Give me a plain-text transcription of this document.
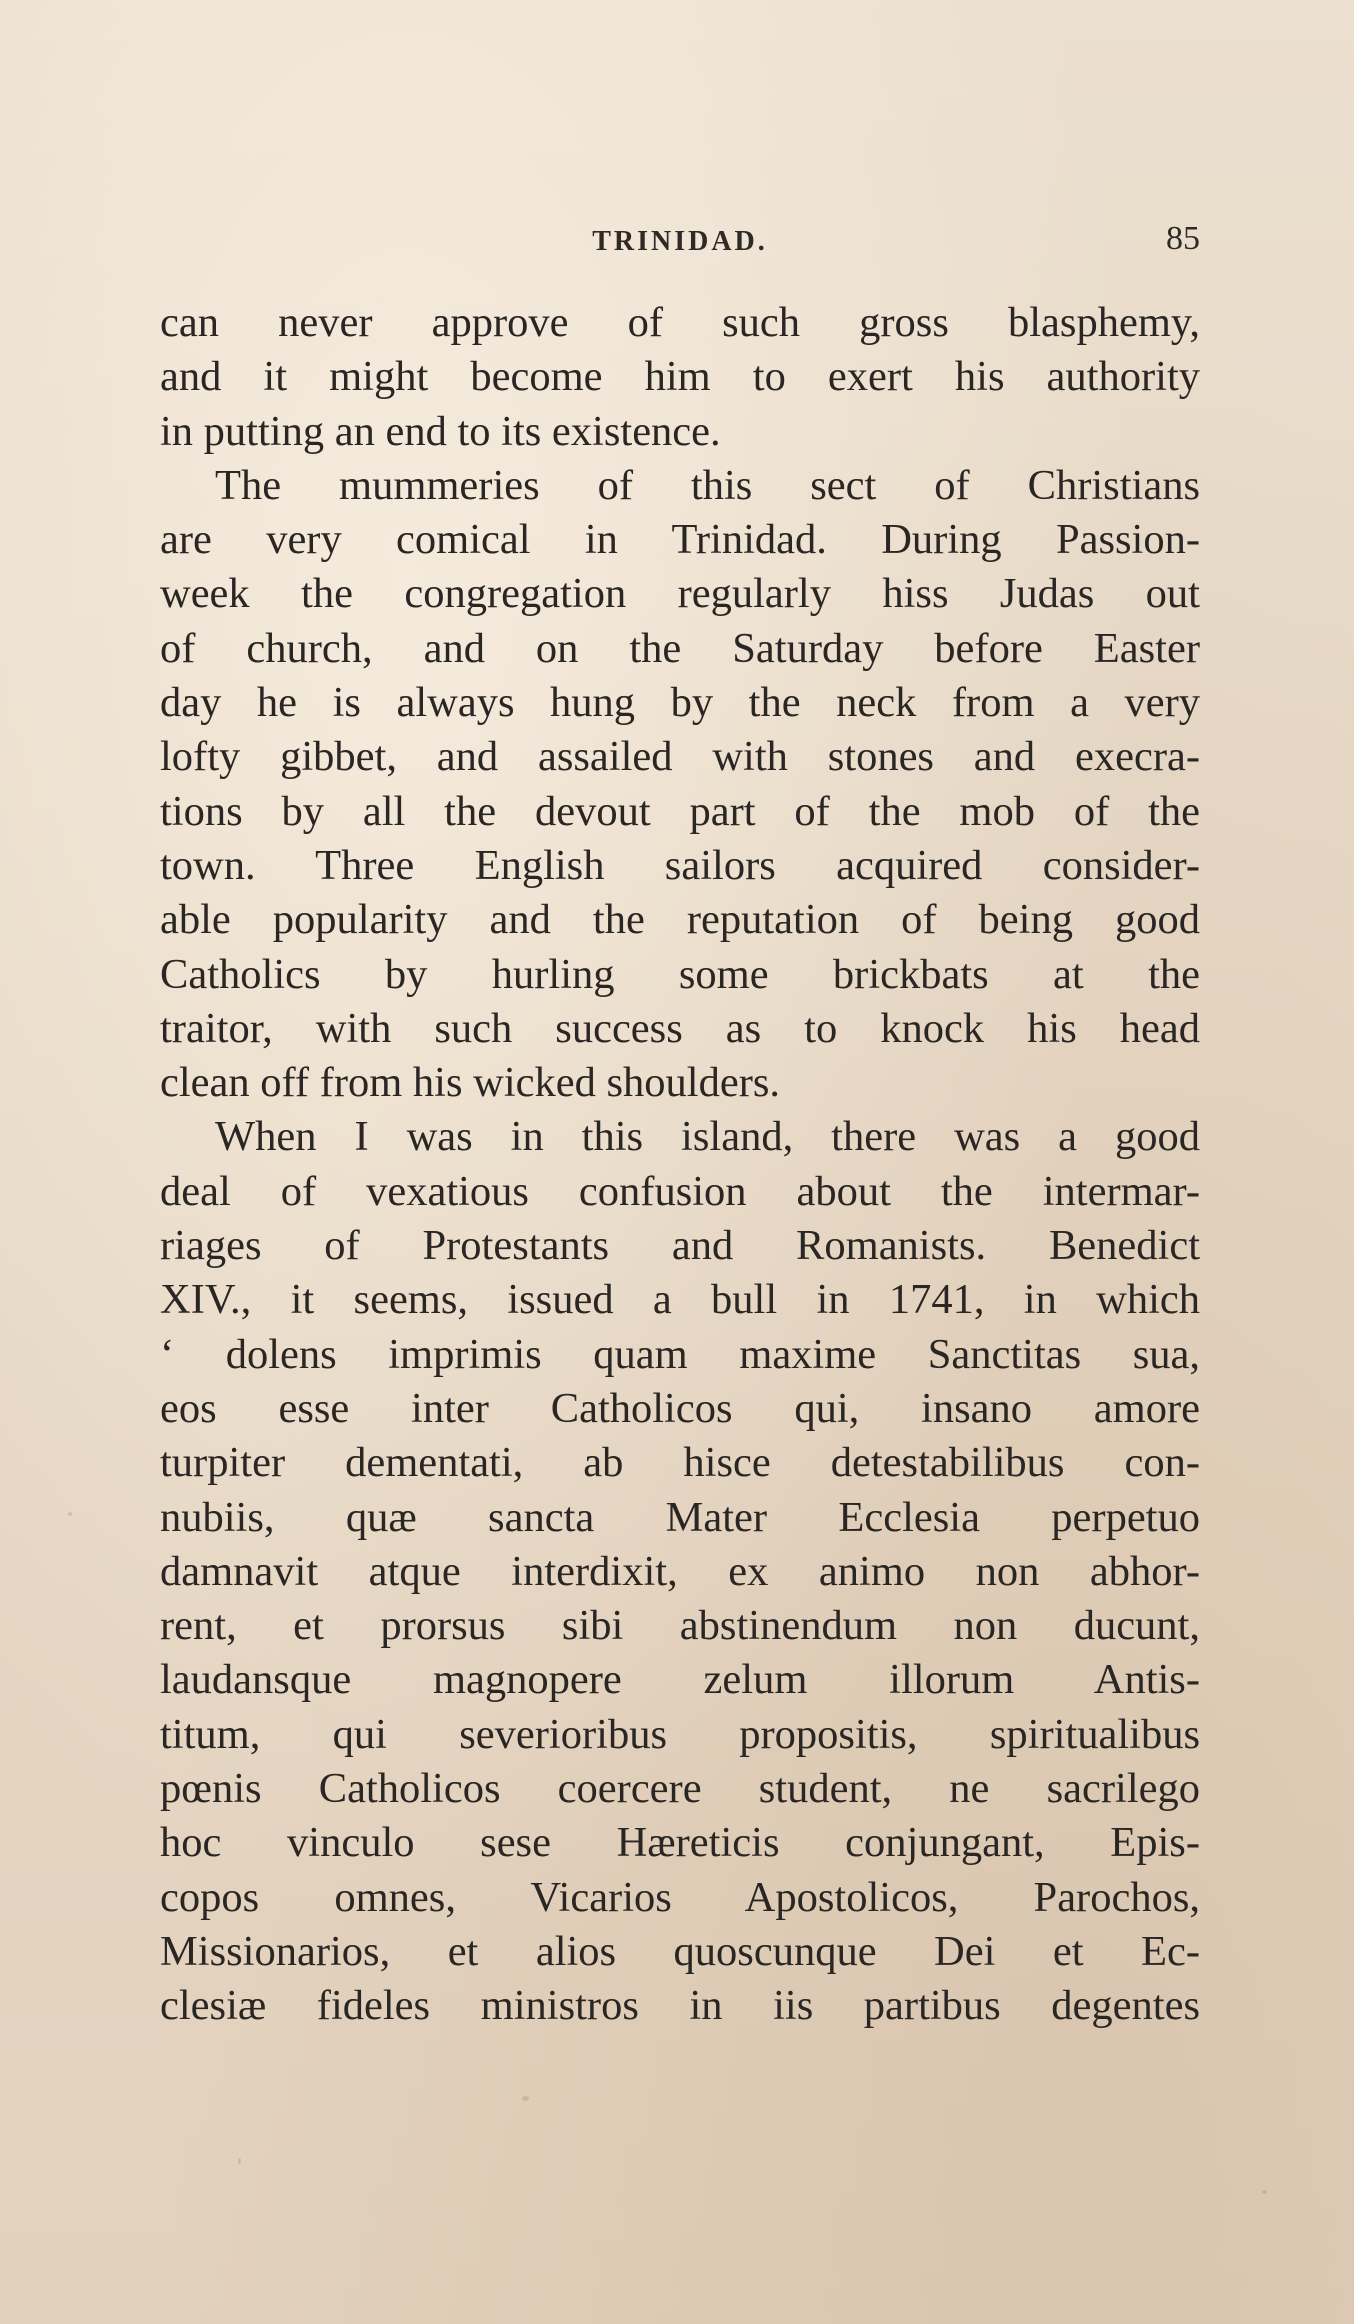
TRINIDAD.	85
can never approve of such gross blasphemy,
and it might become him to exert his authority
in putting an end to its existence.
The mummeries of this sect of Christians
are very comical in Trinidad. During Passion-
week the congregation regularly hiss Judas out
of church, and on the Saturday before Easter
day he is always hung by the neck from a very
lofty gibbet, and assailed with stones and execra-
tions by all the devout part of the mob of the
town. Three English sailors acquired consider-
able popularity and the reputation of being good
Catholics by hurling some brickbats at the
traitor, with such success as to knock his head
clean off from his wicked shoulders.
When I was in this island, there was a good
deal of vexatious confusion about the intermar-
riages of Protestants and Romanists. Benedict
XIV., it seems, issued a bull in 1741, in which
‘ dolens imprimis quam maxime Sanctitas sua,
eos esse inter Catholicos qui, insano amore
turpiter dementati, ab hisce detestabilibus con-
nubiis, quæ sancta Mater Ecclesia perpetuo
damnavit atque interdixit, ex animo non abhor-
rent, et prorsus sibi abstinendum non ducunt,
laudansque magnopere zelum illorum Antis-
titum, qui severioribus propositis, spiritualibus
pœnis Catholicos coercere student, ne sacrilego
hoc vinculo sese Hæreticis conjungant, Epis-
copos omnes, Vicarios Apostolicos, Parochos,
Missionarios, et alios quoscunque Dei et Ec-
clesiæ fideles ministros in iis partibus degentes
